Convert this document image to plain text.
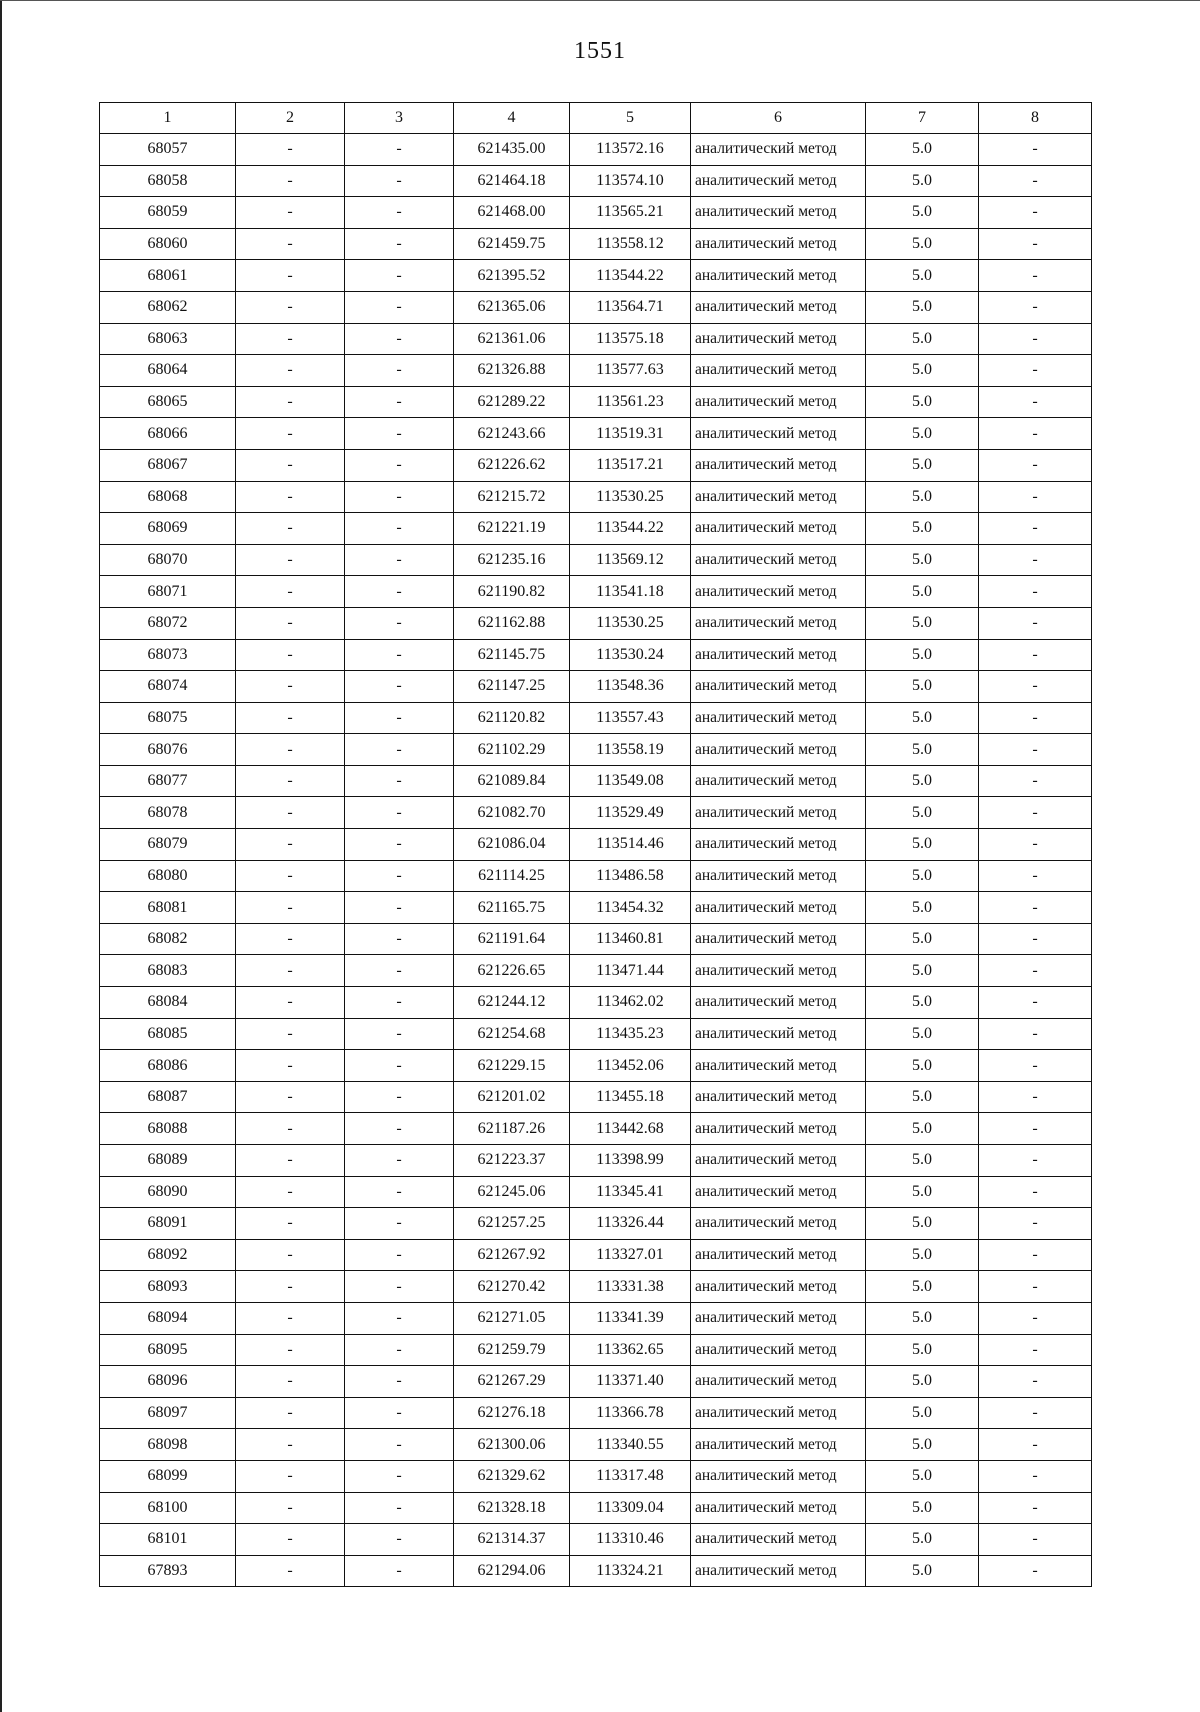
1551
1	2	3	4	5	6	7	8
68057	-	-	621435.00	113572.16	аналитический метод	5.0	-
68058	-	-	621464.18	113574.10	аналитический метод	5.0	-
68059	-	-	621468.00	113565.21	аналитический метод	5.0	-
68060	-	-	621459.75	113558.12	аналитический метод	5.0	-
68061	-	-	621395.52	113544.22	аналитический метод	5.0	-
68062	-	-	621365.06	113564.71	аналитический метод	5.0	-
68063	-	-	621361.06	113575.18	аналитический метод	5.0	-
68064	-	-	621326.88	113577.63	аналитический метод	5.0	-
68065	-	-	621289.22	113561.23	аналитический метод	5.0	-
68066	-	-	621243.66	113519.31	аналитический метод	5.0	-
68067	-	-	621226.62	113517.21	аналитический метод	5.0	-
68068	-	-	621215.72	113530.25	аналитический метод	5.0	-
68069	-	-	621221.19	113544.22	аналитический метод	5.0	-
68070	-	-	621235.16	113569.12	аналитический метод	5.0	-
68071	-	-	621190.82	113541.18	аналитический метод	5.0	-
68072	-	-	621162.88	113530.25	аналитический метод	5.0	-
68073	-	-	621145.75	113530.24	аналитический метод	5.0	-
68074	-	-	621147.25	113548.36	аналитический метод	5.0	-
68075	-	-	621120.82	113557.43	аналитический метод	5.0	-
68076	-	-	621102.29	113558.19	аналитический метод	5.0	-
68077	-	-	621089.84	113549.08	аналитический метод	5.0	-
68078	-	-	621082.70	113529.49	аналитический метод	5.0	-
68079	-	-	621086.04	113514.46	аналитический метод	5.0	-
68080	-	-	621114.25	113486.58	аналитический метод	5.0	-
68081	-	-	621165.75	113454.32	аналитический метод	5.0	-
68082	-	-	621191.64	113460.81	аналитический метод	5.0	-
68083	-	-	621226.65	113471.44	аналитический метод	5.0	-
68084	-	-	621244.12	113462.02	аналитический метод	5.0	-
68085	-	-	621254.68	113435.23	аналитический метод	5.0	-
68086	-	-	621229.15	113452.06	аналитический метод	5.0	-
68087	-	-	621201.02	113455.18	аналитический метод	5.0	-
68088	-	-	621187.26	113442.68	аналитический метод	5.0	-
68089	-	-	621223.37	113398.99	аналитический метод	5.0	-
68090	-	-	621245.06	113345.41	аналитический метод	5.0	-
68091	-	-	621257.25	113326.44	аналитический метод	5.0	-
68092	-	-	621267.92	113327.01	аналитический метод	5.0	-
68093	-	-	621270.42	113331.38	аналитический метод	5.0	-
68094	-	-	621271.05	113341.39	аналитический метод	5.0	-
68095	-	-	621259.79	113362.65	аналитический метод	5.0	-
68096	-	-	621267.29	113371.40	аналитический метод	5.0	-
68097	-	-	621276.18	113366.78	аналитический метод	5.0	-
68098	-	-	621300.06	113340.55	аналитический метод	5.0	-
68099	-	-	621329.62	113317.48	аналитический метод	5.0	-
68100	-	-	621328.18	113309.04	аналитический метод	5.0	-
68101	-	-	621314.37	113310.46	аналитический метод	5.0	-
67893	-	-	621294.06	113324.21	аналитический метод	5.0	-
